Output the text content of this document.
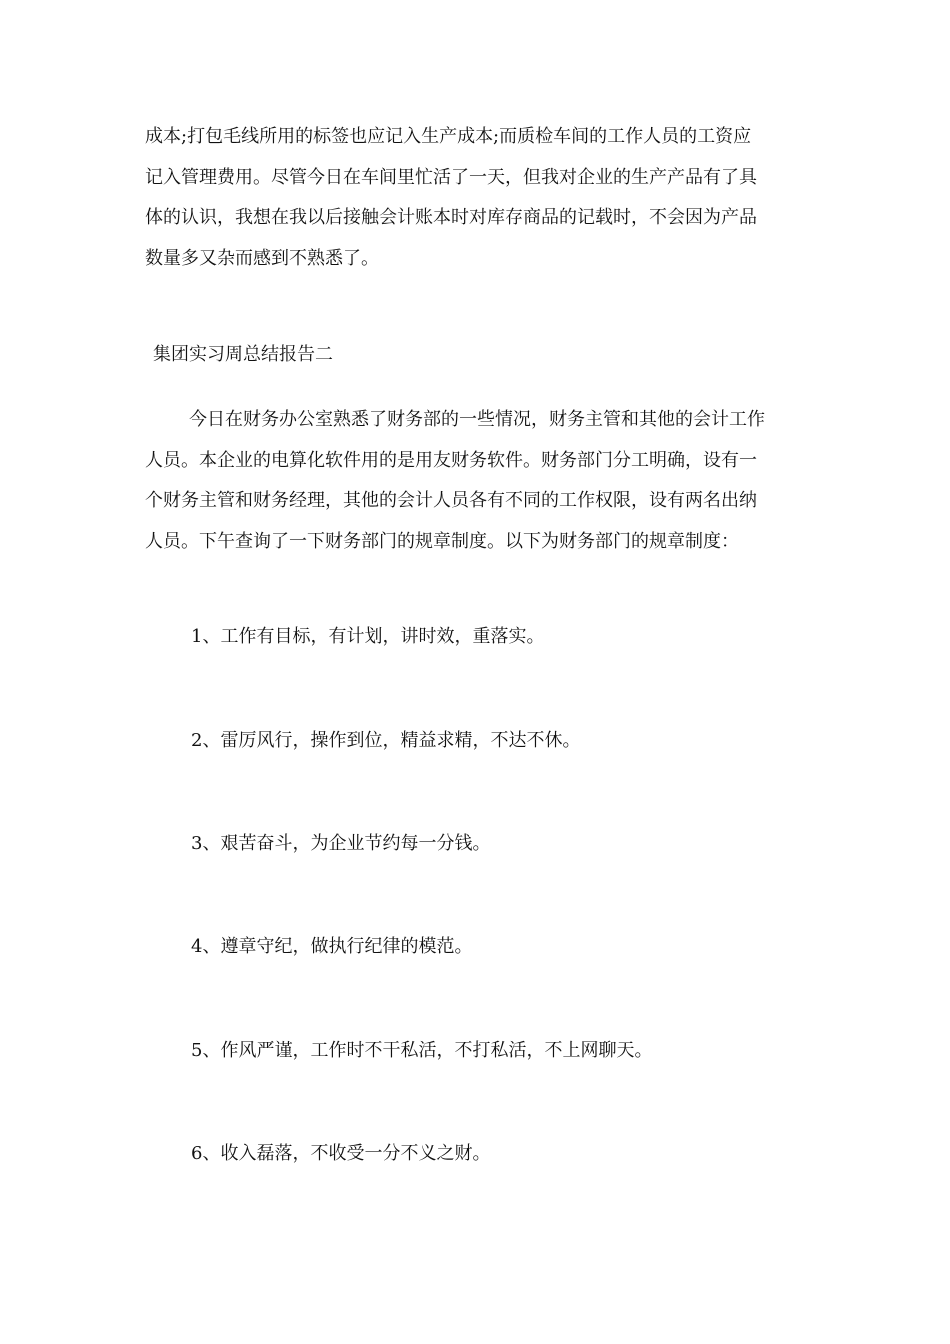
成本;打包毛线所用的标签也应记入生产成本;而质检车间的工作人员的工资应
记入管理费用。尽管今日在车间里忙活了一天，但我对企业的生产产品有了具
体的认识，我想在我以后接触会计账本时对库存商品的记载时，不会因为产品
数量多又杂而感到不熟悉了。
集团实习周总结报告二
今日在财务办公室熟悉了财务部的一些情况，财务主管和其他的会计工作
人员。本企业的电算化软件用的是用友财务软件。财务部门分工明确，设有一
个财务主管和财务经理，其他的会计人员各有不同的工作权限，设有两名出纳
人员。下午查询了一下财务部门的规章制度。以下为财务部门的规章制度：

1、工作有目标，有计划，讲时效，重落实。

2、雷厉风行，操作到位，精益求精，不达不休。

3、艰苦奋斗，为企业节约每一分钱。

4、遵章守纪，做执行纪律的模范。

5、作风严谨，工作时不干私活，不打私活，不上网聊天。

6、收入磊落，不收受一分不义之财。
